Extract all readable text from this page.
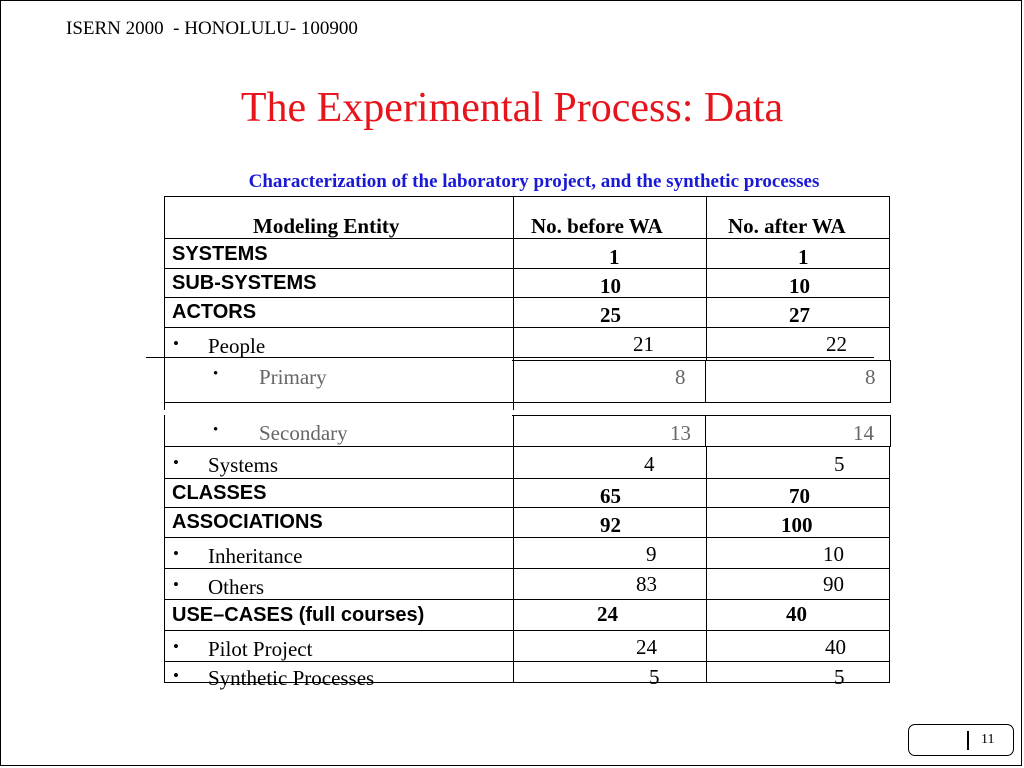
ISERN 2000  - HONOLULU- 100900
The Experimental Process: Data
Characterization of the laboratory project, and the synthetic processes
Modeling Entity	No. before WA	No. after WA
SYSTEMS	1	1
SUB-SYSTEMS	10	10
ACTORS	25	27
• People	21	22
• Primary	8	8
• Secondary	13	14
• Systems	4	5
CLASSES	65	70
ASSOCIATIONS	92	100
• Inheritance	9	10
• Others	83	90
USE–CASES (full courses)	24	40
• Pilot Project	24	40
• Synthetic Processes	5	5
11
